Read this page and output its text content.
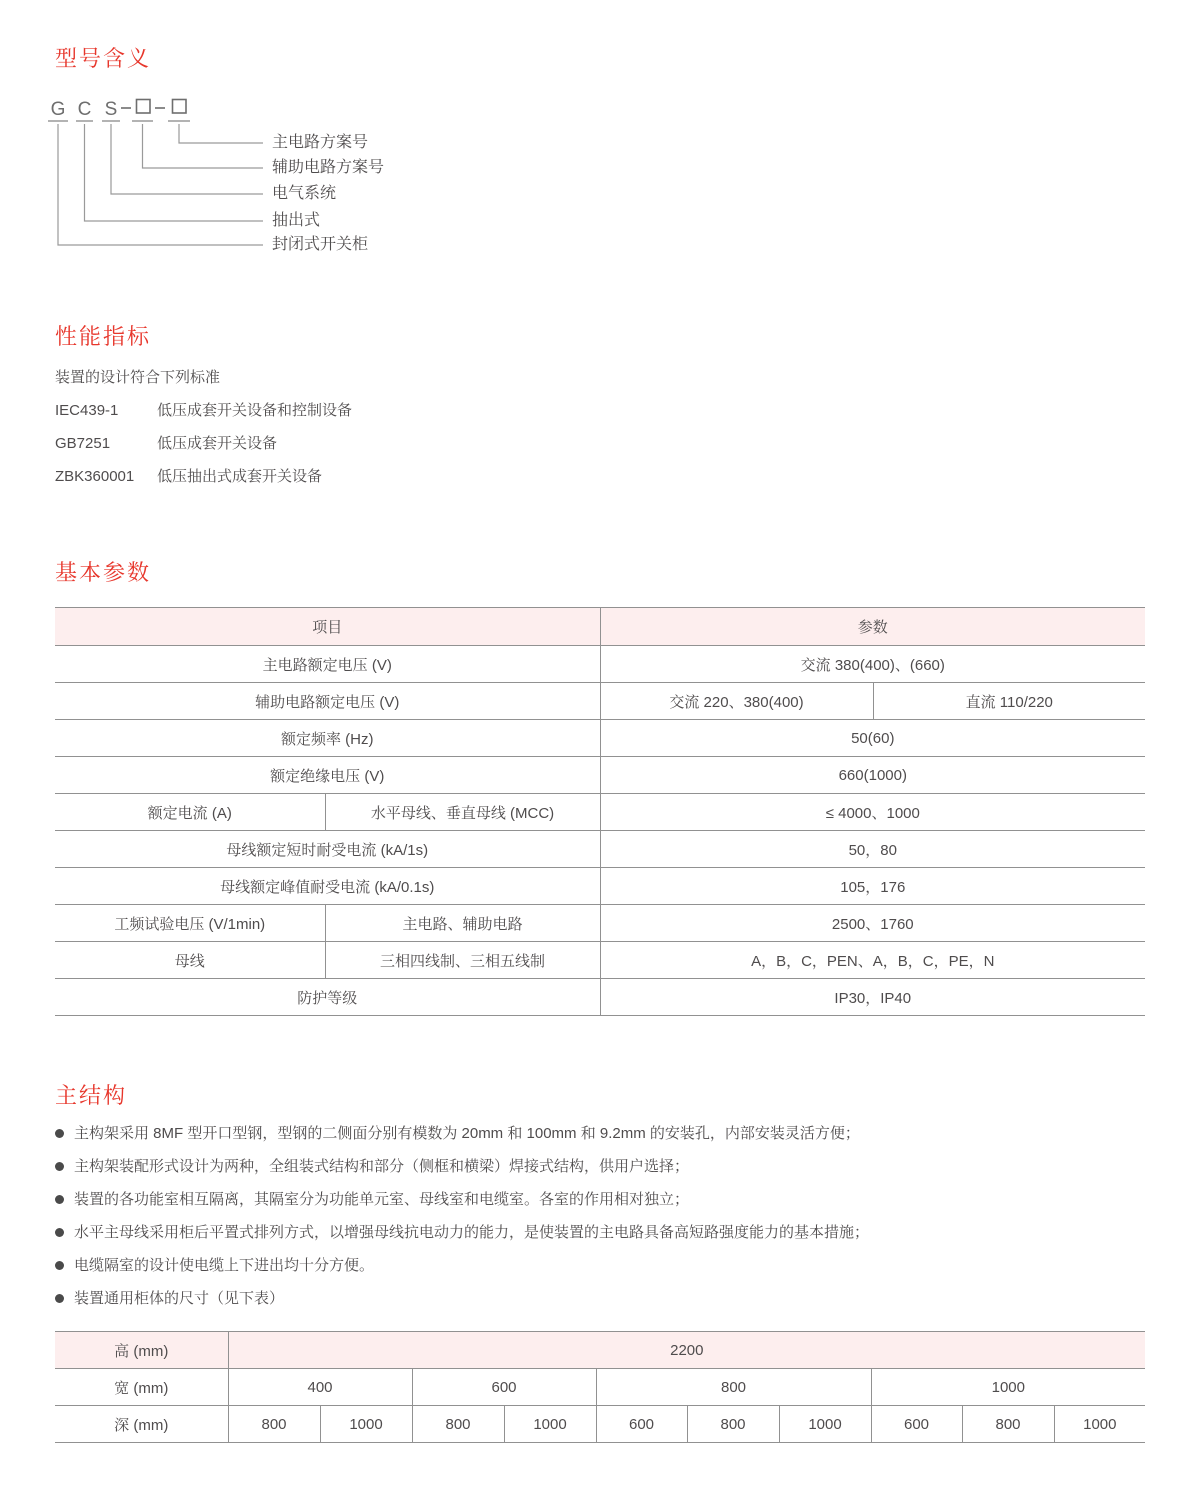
型号含义
G C S
主电路方案号
辅助电路方案号
电气系统
抽出式
封闭式开关柜
性能指标
装置的设计符合下列标准
IEC439-1	低压成套开关设备和控制设备
GB7251	低压成套开关设备
ZBK360001	低压抽出式成套开关设备
基本参数
项目		参数	
主电路额定电压 (V)		交流 380(400)、(660)	
辅助电路额定电压 (V)		交流 220、380(400)	直流 110/220
额定频率 (Hz)		50(60)	
额定绝缘电压 (V)		660(1000)	
额定电流 (A)	水平母线、垂直母线 (MCC)	≤ 4000、1000	
母线额定短时耐受电流 (kA/1s)		50，80	
母线额定峰值耐受电流 (kA/0.1s)		105，176	
工频试验电压 (V/1min)	主电路、辅助电路	2500、1760	
母线	三相四线制、三相五线制	A，B，C，PEN、A，B，C，PE，N	
防护等级		IP30，IP40	
主结构
主构架采用 8MF 型开口型钢，型钢的二侧面分别有模数为 20mm 和 100mm 和 9.2mm 的安装孔，内部安装灵活方便；
主构架装配形式设计为两种，全组装式结构和部分（侧框和横梁）焊接式结构，供用户选择；
装置的各功能室相互隔离，其隔室分为功能单元室、母线室和电缆室。各室的作用相对独立；
水平主母线采用柜后平置式排列方式，以增强母线抗电动力的能力，是使装置的主电路具备高短路强度能力的基本措施；
电缆隔室的设计使电缆上下进出均十分方便。
装置通用柜体的尺寸（见下表）
高 (mm)	2200									
宽 (mm)	400		600		800			1000		
深 (mm)	800	1000	800	1000	600	800	1000	600	800	1000
